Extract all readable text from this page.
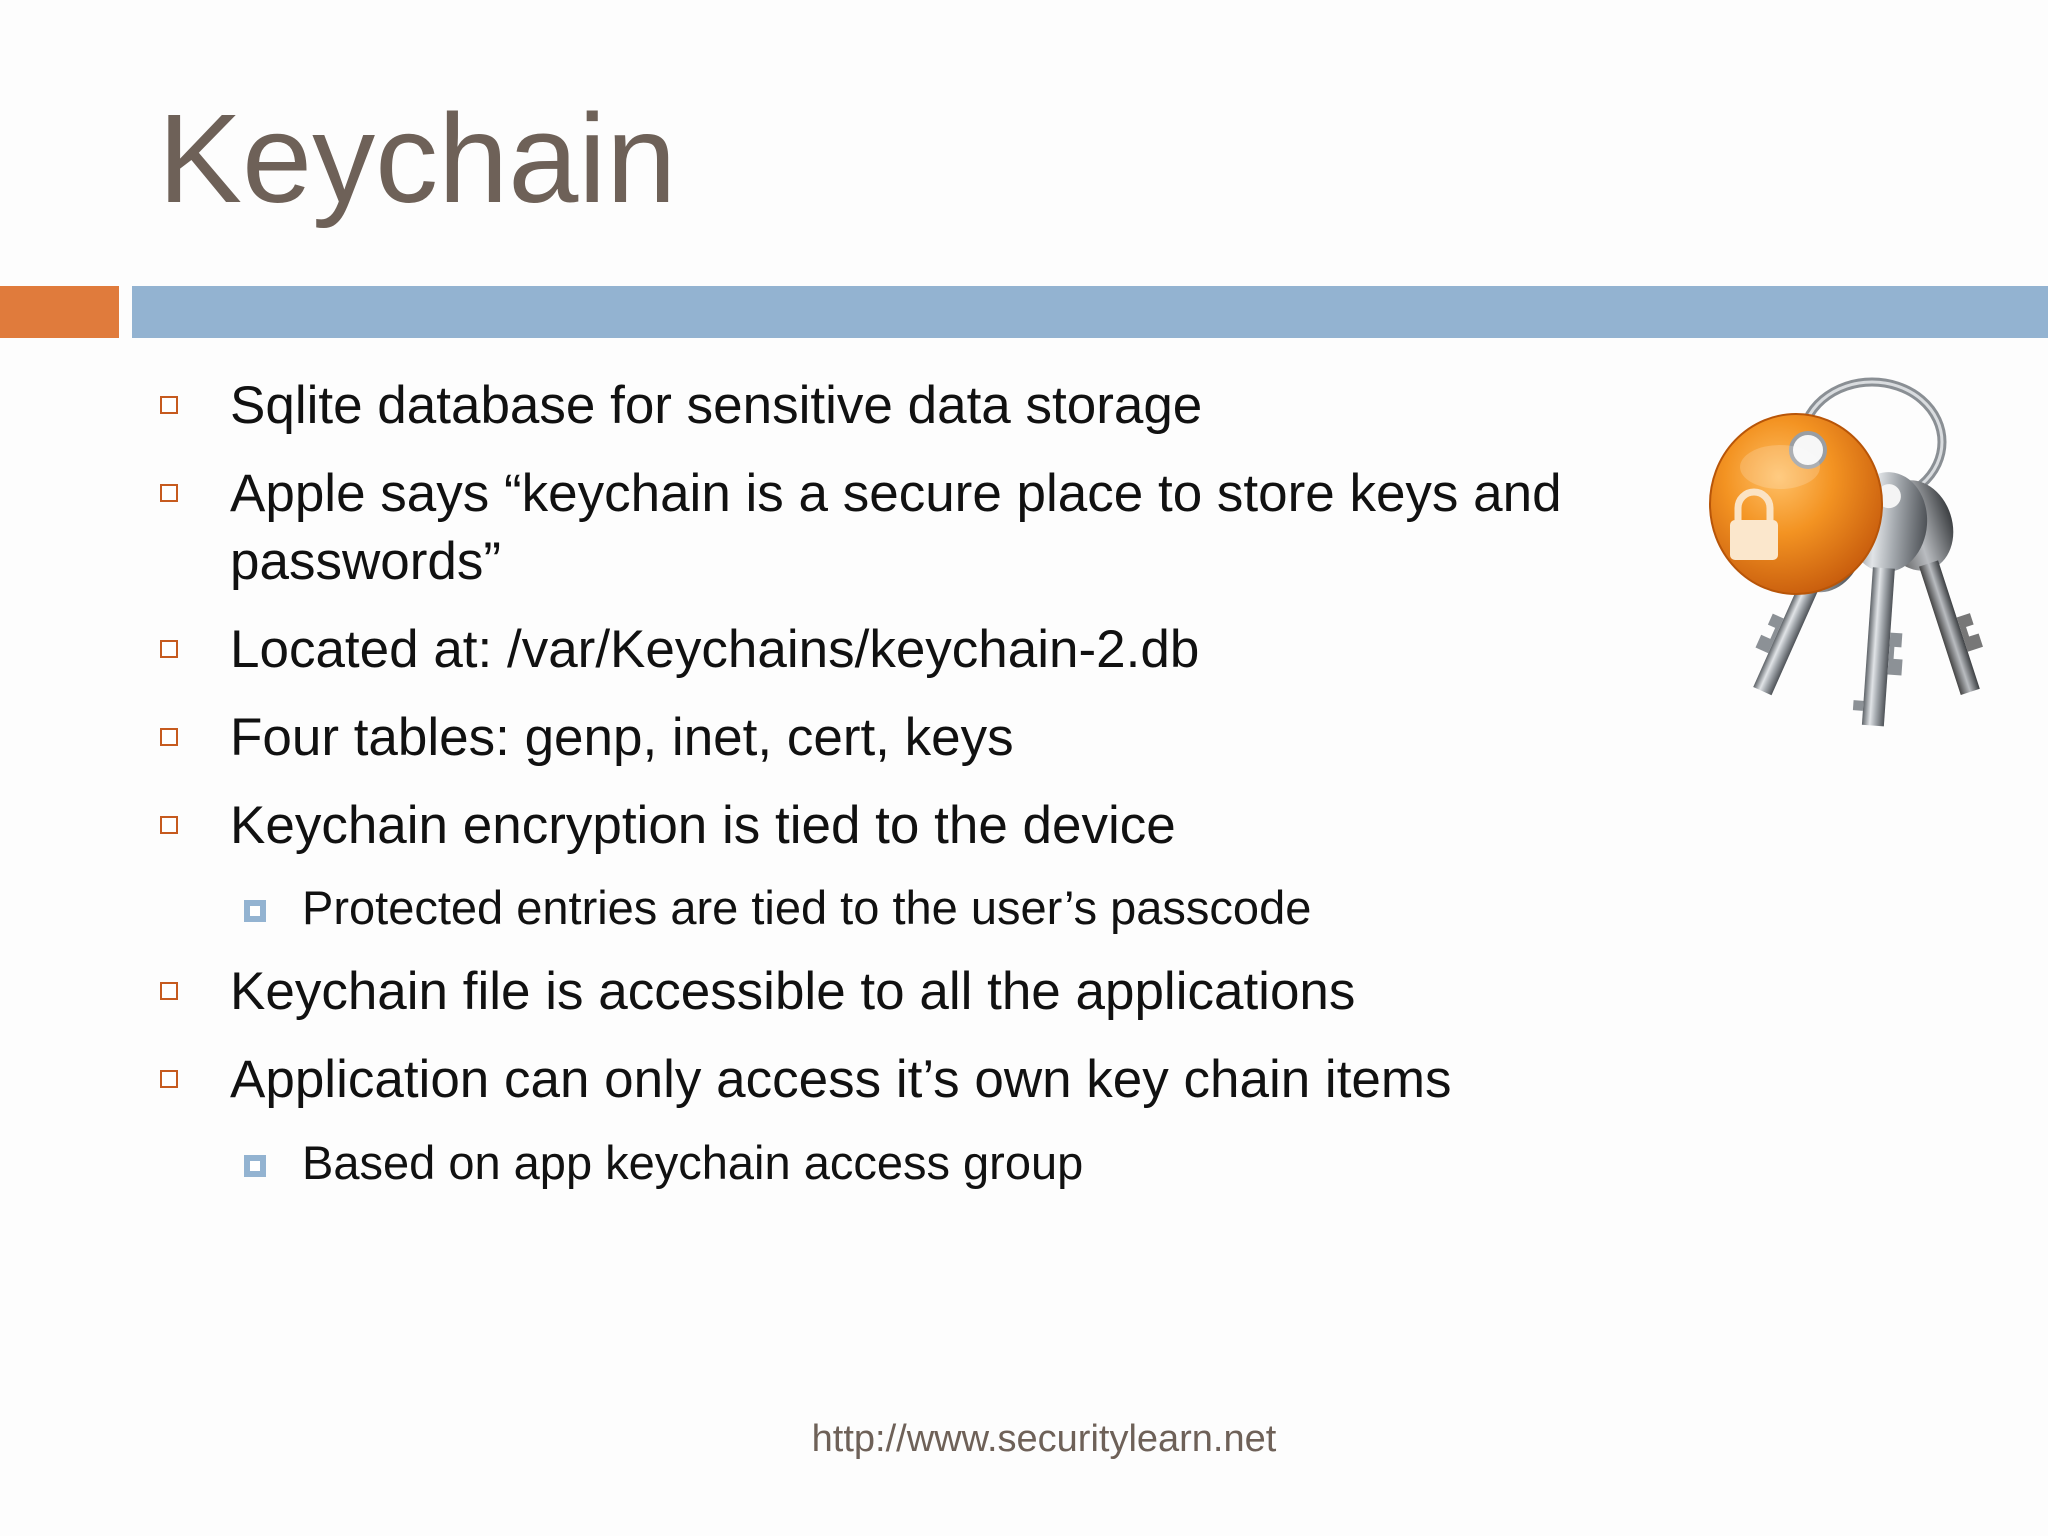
Keychain
Sqlite database for sensitive data storage
Apple says “keychain is a secure place to store keys and
passwords”
Located at: /var/Keychains/keychain-2.db
Four tables: genp, inet, cert, keys
Keychain encryption is tied to the device
Protected entries are tied to the user’s passcode
Keychain file is accessible to all the applications
Application can only access it’s own key chain items
Based on app keychain access group
http://www.securitylearn.net
